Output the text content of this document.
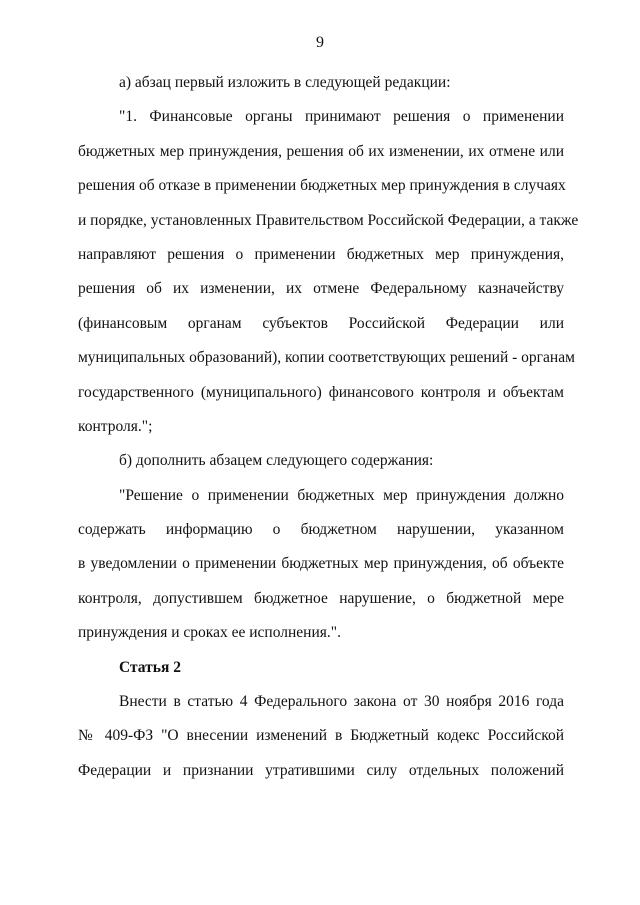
9
а) абзац первый изложить в следующей редакции:
"1. Финансовые органы принимают решения о применении
бюджетных мер принуждения, решения об их изменении, их отмене или
решения об отказе в применении бюджетных мер принуждения в случаях
и порядке, установленных Правительством Российской Федерации, а также
направляют решения о применении бюджетных мер принуждения,
решения об их изменении, их отмене Федеральному казначейству
(финансовым органам субъектов Российской Федерации или
муниципальных образований), копии соответствующих решений - органам
государственного (муниципального) финансового контроля и объектам
контроля.";
б) дополнить абзацем следующего содержания:
"Решение о применении бюджетных мер принуждения должно
содержать информацию о бюджетном нарушении, указанном
в уведомлении о применении бюджетных мер принуждения, об объекте
контроля, допустившем бюджетное нарушение, о бюджетной мере
принуждения и сроках ее исполнения.".
Статья 2
Внести в статью 4 Федерального закона от 30 ноября 2016 года
№ 409-ФЗ "О внесении изменений в Бюджетный кодекс Российской
Федерации и признании утратившими силу отдельных положений
